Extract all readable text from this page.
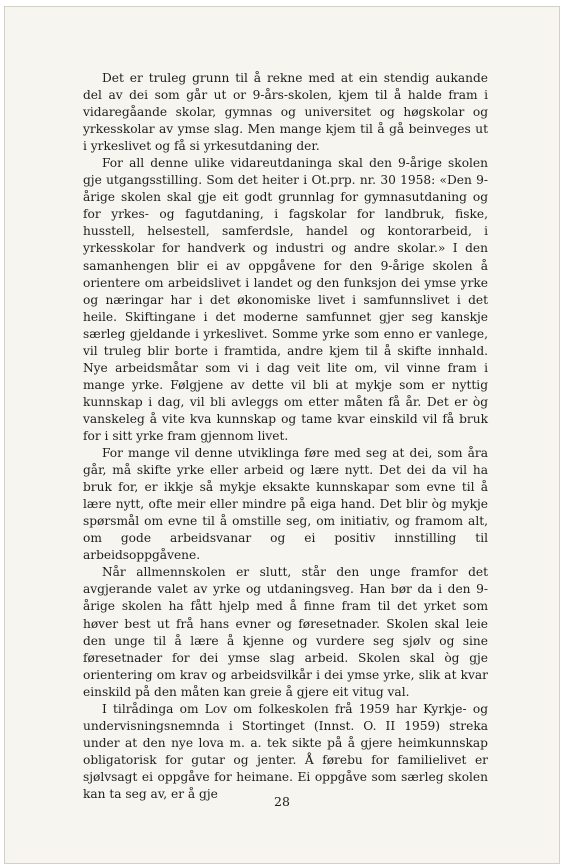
Det er truleg grunn til å rekne med at ein stendig aukande del av dei som går ut or 9-års-skolen, kjem til å halde fram i vidaregåande skolar, gymnas og universitet og høgskolar og yrkesskolar av ymse slag. Men mange kjem til å gå beinveges ut i yrkeslivet og få si yrkesutdaning der.

For all denne ulike vidareutdaninga skal den 9-årige skolen gje utgangsstilling. Som det heiter i Ot.prp. nr. 30 1958: «Den 9-årige skolen skal gje eit godt grunnlag for gymnasutdaning og for yrkes- og fagutdaning, i fagskolar for landbruk, fiske, husstell, helsestell, samferdsle, handel og kontorarbeid, i yrkesskolar for handverk og industri og andre skolar.» I den samanhengen blir ei av oppgåvene for den 9-årige skolen å orientere om arbeidslivet i landet og den funksjon dei ymse yrke og næringar har i det økonomiske livet i samfunnslivet i det heile. Skiftingane i det moderne samfunnet gjer seg kanskje særleg gjeldande i yrkeslivet. Somme yrke som enno er vanlege, vil truleg blir borte i framtida, andre kjem til å skifte innhald. Nye arbeidsmåtar som vi i dag veit lite om, vil vinne fram i mange yrke. Følgjene av dette vil bli at mykje som er nyttig kunnskap i dag, vil bli avleggs om etter måten få år. Det er òg vanskeleg å vite kva kunnskap og tame kvar einskild vil få bruk for i sitt yrke fram gjennom livet.

For mange vil denne utviklinga føre med seg at dei, som åra går, må skifte yrke eller arbeid og lære nytt. Det dei da vil ha bruk for, er ikkje så mykje eksakte kunnskapar som evne til å lære nytt, ofte meir eller mindre på eiga hand. Det blir òg mykje spørsmål om evne til å omstille seg, om initiativ, og framom alt, om gode arbeidsvanar og ei positiv innstilling til arbeidsoppgåvene.

Når allmennskolen er slutt, står den unge framfor det avgjerande valet av yrke og utdaningsveg. Han bør da i den 9-årige skolen ha fått hjelp med å finne fram til det yrket som høver best ut frå hans evner og føresetnader. Skolen skal leie den unge til å lære å kjenne og vurdere seg sjølv og sine føresetnader for dei ymse slag arbeid. Skolen skal òg gje orientering om krav og arbeidsvilkår i dei ymse yrke, slik at kvar einskild på den måten kan greie å gjere eit vitug val.

I tilrådinga om Lov om folkeskolen frå 1959 har Kyrkje- og undervisningsnemnda i Stortinget (Innst. O. II 1959) streka under at den nye lova m. a. tek sikte på å gjere heimkunnskap obligatorisk for gutar og jenter. Å førebu for familielivet er sjølvsagt ei oppgåve for heimane. Ei oppgåve som særleg skolen kan ta seg av, er å gje

28
